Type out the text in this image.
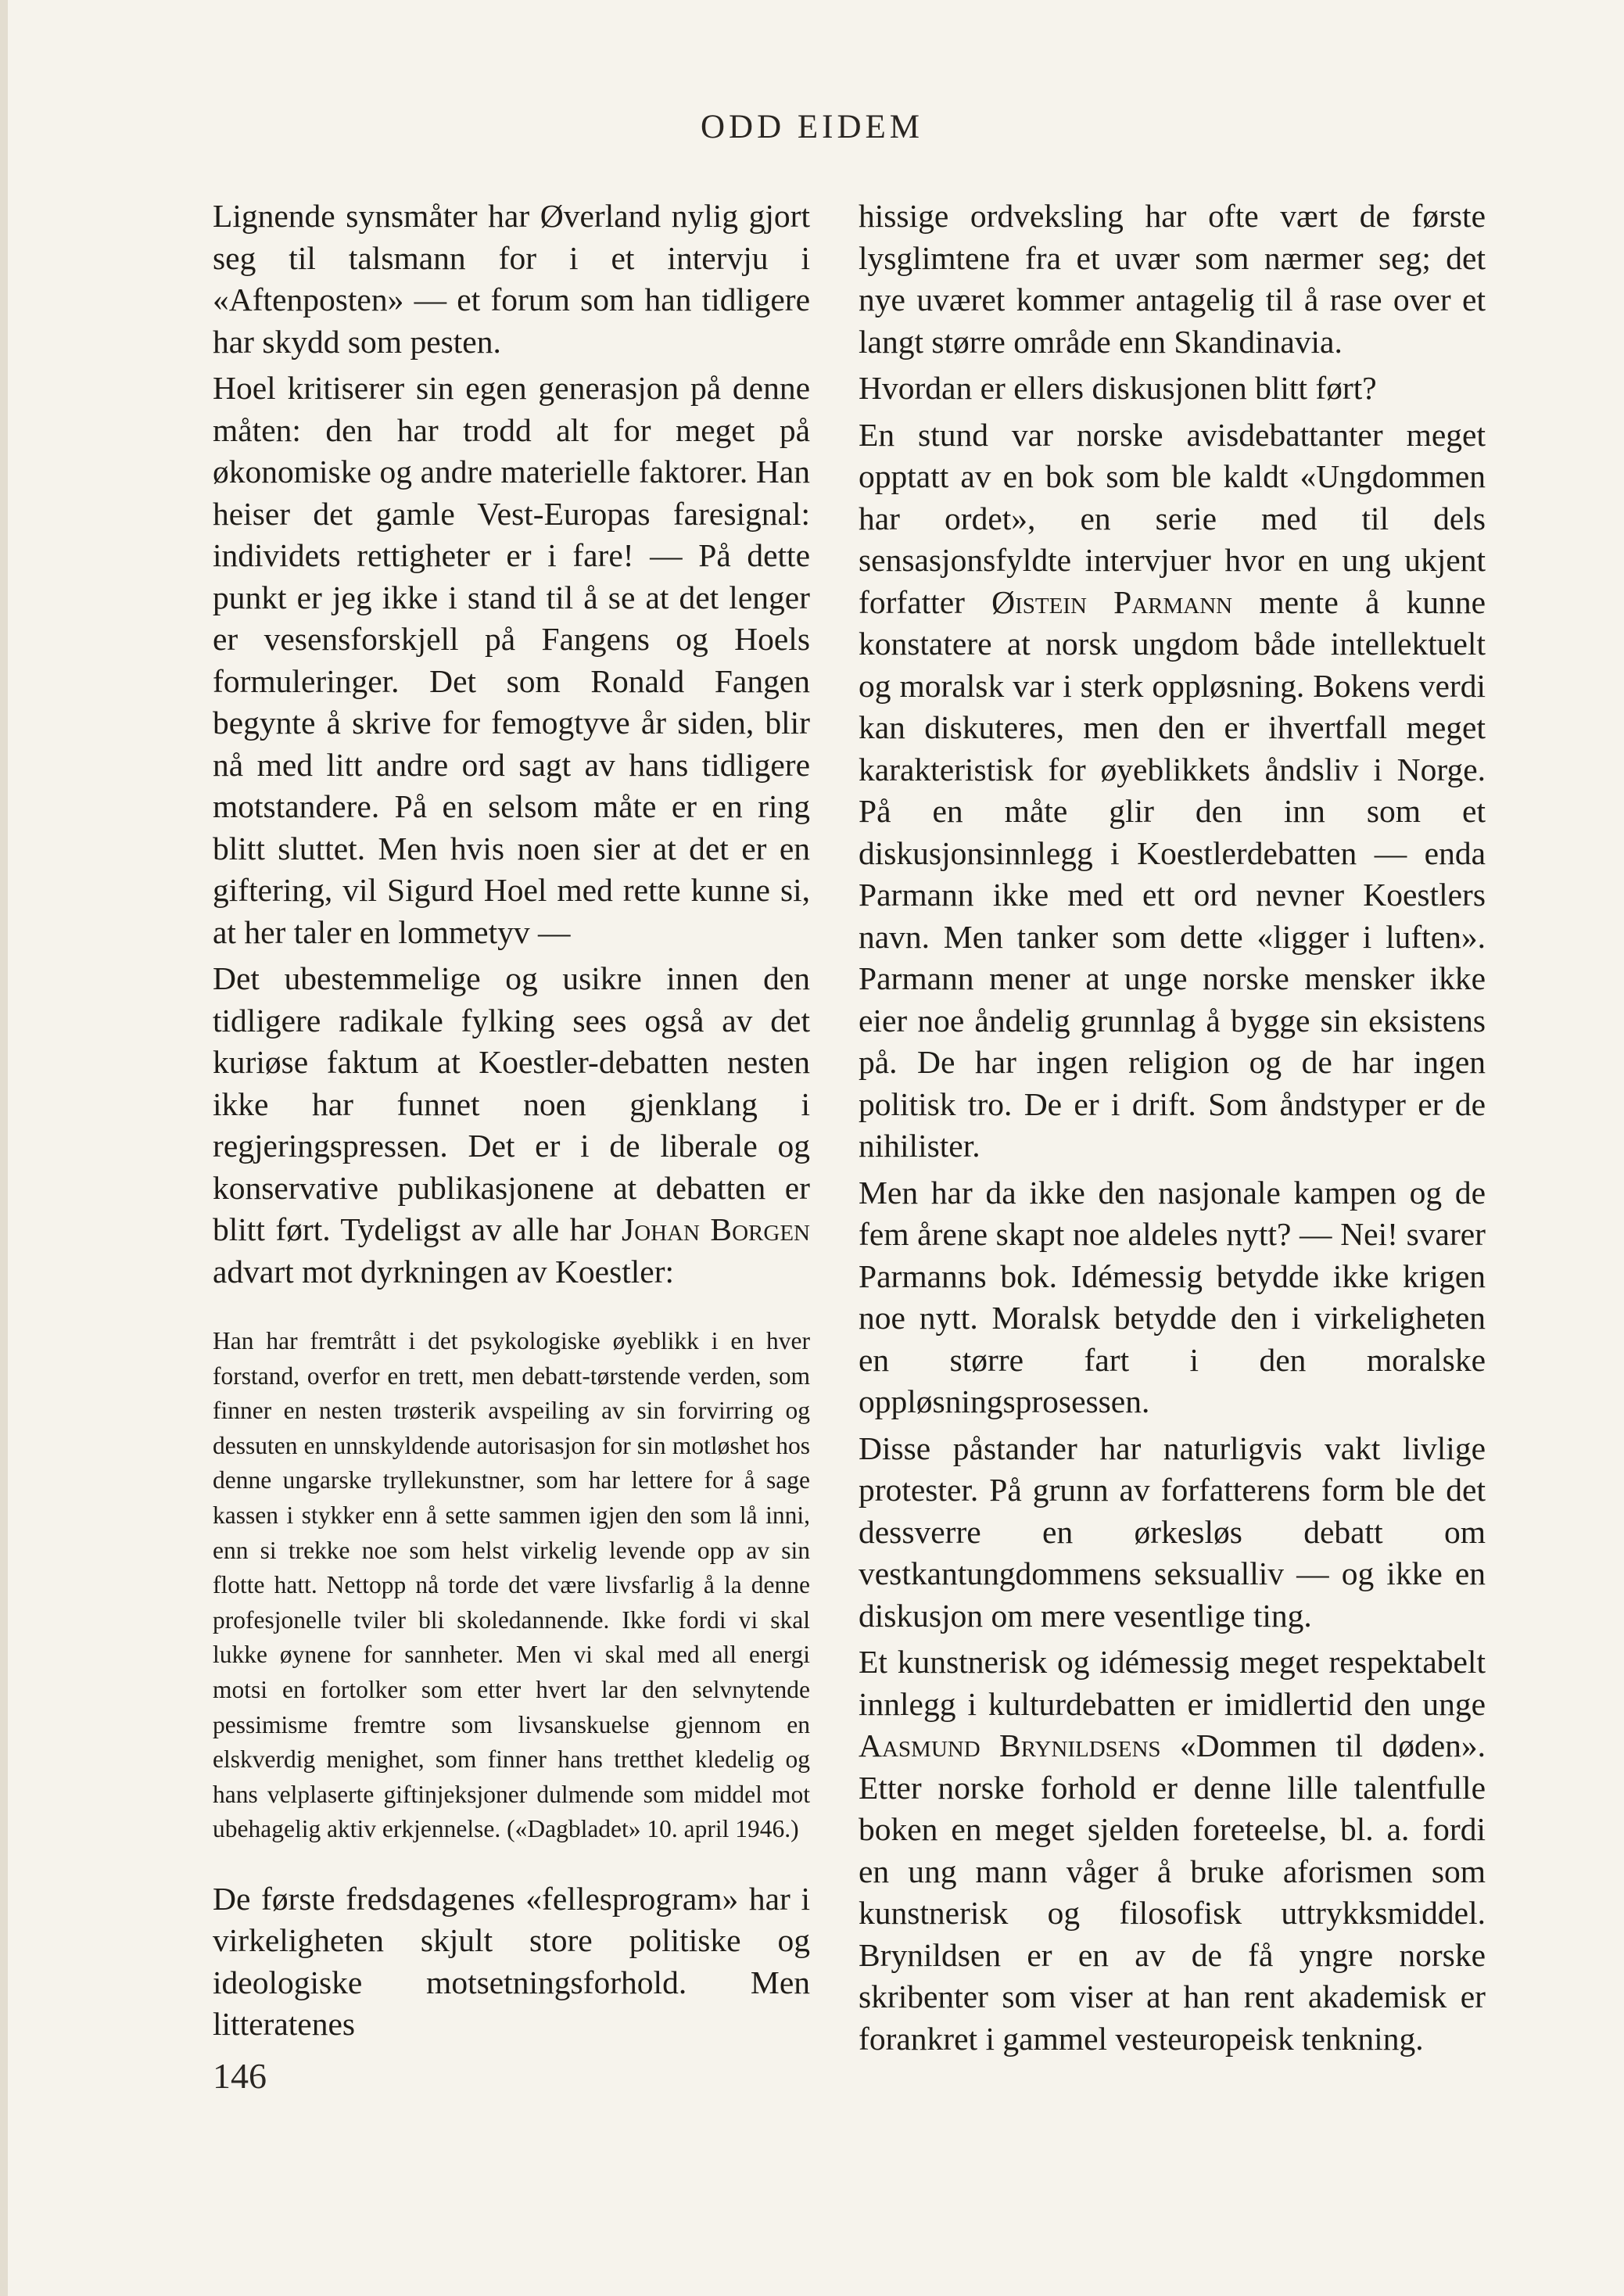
ODD EIDEM

Lignende synsmåter har Øverland nylig gjort seg til talsmann for i et intervju i «Aftenposten» — et forum som han tidligere har skydd som pesten.

Hoel kritiserer sin egen generasjon på denne måten: den har trodd alt for meget på økonomiske og andre materielle faktorer. Han heiser det gamle Vest-Europas faresignal: individets rettigheter er i fare! — På dette punkt er jeg ikke i stand til å se at det lenger er vesensforskjell på Fangens og Hoels formuleringer. Det som Ronald Fangen begynte å skrive for femogtyve år siden, blir nå med litt andre ord sagt av hans tidligere motstandere. På en selsom måte er en ring blitt sluttet. Men hvis noen sier at det er en giftering, vil Sigurd Hoel med rette kunne si, at her taler en lommetyv —

Det ubestemmelige og usikre innen den tidligere radikale fylking sees også av det kuriøse faktum at Koestler-debatten nesten ikke har funnet noen gjenklang i regjeringspressen. Det er i de liberale og konservative publikasjonene at debatten er blitt ført. Tydeligst av alle har Johan Borgen advart mot dyrkningen av Koestler:

Han har fremtrått i det psykologiske øyeblikk i en hver forstand, overfor en trett, men debatt-tørstende verden, som finner en nesten trøsterik avspeiling av sin forvirring og dessuten en unnskyldende autorisasjon for sin motløshet hos denne ungarske tryllekunstner, som har lettere for å sage kassen i stykker enn å sette sammen igjen den som lå inni, enn si trekke noe som helst virkelig levende opp av sin flotte hatt. Nettopp nå torde det være livsfarlig å la denne profesjonelle tviler bli skoledannende. Ikke fordi vi skal lukke øynene for sannheter. Men vi skal med all energi motsi en fortolker som etter hvert lar den selvnytende pessimisme fremtre som livsanskuelse gjennom en elskverdig menighet, som finner hans tretthet kledelig og hans velplaserte giftinjeksjoner dulmende som middel mot ubehagelig aktiv erkjennelse. («Dagbladet» 10. april 1946.)

De første fredsdagenes «fellesprogram» har i virkeligheten skjult store politiske og ideologiske motsetningsforhold. Men litteratenes

hissige ordveksling har ofte vært de første lysglimtene fra et uvær som nærmer seg; det nye uværet kommer antagelig til å rase over et langt større område enn Skandinavia.

Hvordan er ellers diskusjonen blitt ført?

En stund var norske avisdebattanter meget opptatt av en bok som ble kaldt «Ungdommen har ordet», en serie med til dels sensasjonsfyldte intervjuer hvor en ung ukjent forfatter Øistein Parmann mente å kunne konstatere at norsk ungdom både intellektuelt og moralsk var i sterk oppløsning. Bokens verdi kan diskuteres, men den er ihvertfall meget karakteristisk for øyeblikkets åndsliv i Norge. På en måte glir den inn som et diskusjonsinnlegg i Koestlerdebatten — enda Parmann ikke med ett ord nevner Koestlers navn. Men tanker som dette «ligger i luften». Parmann mener at unge norske mensker ikke eier noe åndelig grunnlag å bygge sin eksistens på. De har ingen religion og de har ingen politisk tro. De er i drift. Som åndstyper er de nihilister.

Men har da ikke den nasjonale kampen og de fem årene skapt noe aldeles nytt? — Nei! svarer Parmanns bok. Idémessig betydde ikke krigen noe nytt. Moralsk betydde den i virkeligheten en større fart i den moralske oppløsningsprosessen.

Disse påstander har naturligvis vakt livlige protester. På grunn av forfatterens form ble det dessverre en ørkesløs debatt om vestkantungdommens seksualliv — og ikke en diskusjon om mere vesentlige ting.

Et kunstnerisk og idémessig meget respektabelt innlegg i kulturdebatten er imidlertid den unge Aasmund Brynildsens «Dommen til døden». Etter norske forhold er denne lille talentfulle boken en meget sjelden foreteelse, bl. a. fordi en ung mann våger å bruke aforismen som kunstnerisk og filosofisk uttrykksmiddel. Brynildsen er en av de få yngre norske skribenter som viser at han rent akademisk er forankret i gammel vesteuropeisk tenkning.

146
